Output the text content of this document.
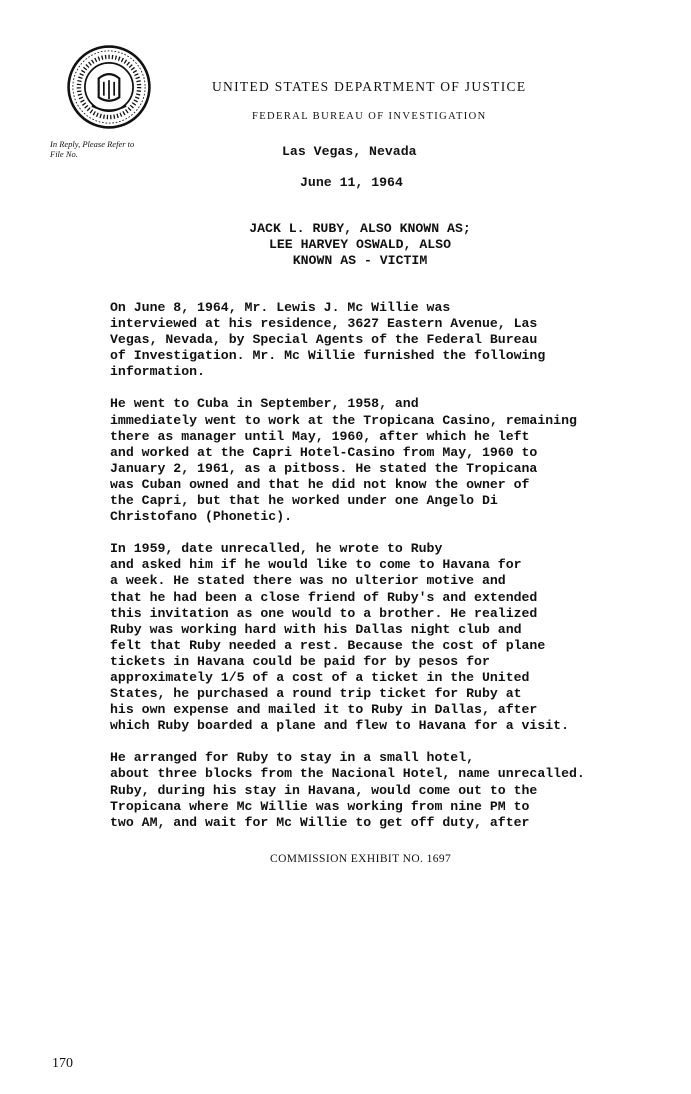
UNITED STATES DEPARTMENT OF JUSTICE
FEDERAL BUREAU OF INVESTIGATION
In Reply, Please Refer to
File No.	Las Vegas, Nevada
June 11, 1964
JACK L. RUBY, ALSO KNOWN AS;
LEE HARVEY OSWALD, ALSO
KNOWN AS - VICTIM
On June 8, 1964, Mr. Lewis J. Mc Willie was
interviewed at his residence, 3627 Eastern Avenue, Las
Vegas, Nevada, by Special Agents of the Federal Bureau
of Investigation. Mr. Mc Willie furnished the following
information.
He went to Cuba in September, 1958, and
immediately went to work at the Tropicana Casino, remaining
there as manager until May, 1960, after which he left
and worked at the Capri Hotel-Casino from May, 1960 to
January 2, 1961, as a pitboss. He stated the Tropicana
was Cuban owned and that he did not know the owner of
the Capri, but that he worked under one Angelo Di
Christofano (Phonetic).
In 1959, date unrecalled, he wrote to Ruby
and asked him if he would like to come to Havana for
a week. He stated there was no ulterior motive and
that he had been a close friend of Ruby's and extended
this invitation as one would to a brother. He realized
Ruby was working hard with his Dallas night club and
felt that Ruby needed a rest. Because the cost of plane
tickets in Havana could be paid for by pesos for
approximately 1/5 of a cost of a ticket in the United
States, he purchased a round trip ticket for Ruby at
his own expense and mailed it to Ruby in Dallas, after
which Ruby boarded a plane and flew to Havana for a visit.
He arranged for Ruby to stay in a small hotel,
about three blocks from the Nacional Hotel, name unrecalled.
Ruby, during his stay in Havana, would come out to the
Tropicana where Mc Willie was working from nine PM to
two AM, and wait for Mc Willie to get off duty, after
COMMISSION EXHIBIT NO. 1697
170
